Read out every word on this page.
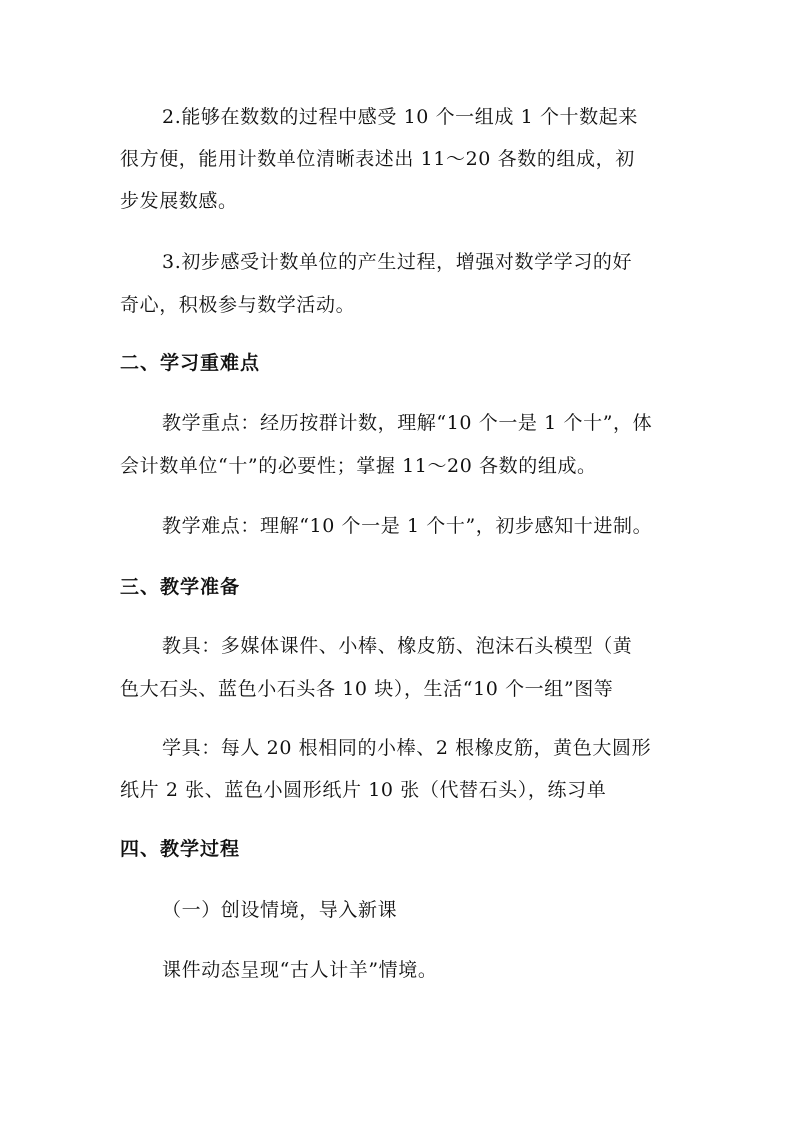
2.能够在数数的过程中感受 10 个一组成 1 个十数起来
很方便，能用计数单位清晰表述出 11～20 各数的组成，初
步发展数感。
3.初步感受计数单位的产生过程，增强对数学学习的好
奇心，积极参与数学活动。
二、学习重难点
教学重点：经历按群计数，理解“10 个一是 1 个十”，体
会计数单位“十”的必要性；掌握 11～20 各数的组成。
教学难点：理解“10 个一是 1 个十”，初步感知十进制。
三、教学准备
教具：多媒体课件、小棒、橡皮筋、泡沫石头模型（黄
色大石头、蓝色小石头各 10 块），生活“10 个一组”图等
学具：每人 20 根相同的小棒、2 根橡皮筋，黄色大圆形
纸片 2 张、蓝色小圆形纸片 10 张（代替石头），练习单
四、教学过程
（一）创设情境，导入新课
课件动态呈现“古人计羊”情境。
